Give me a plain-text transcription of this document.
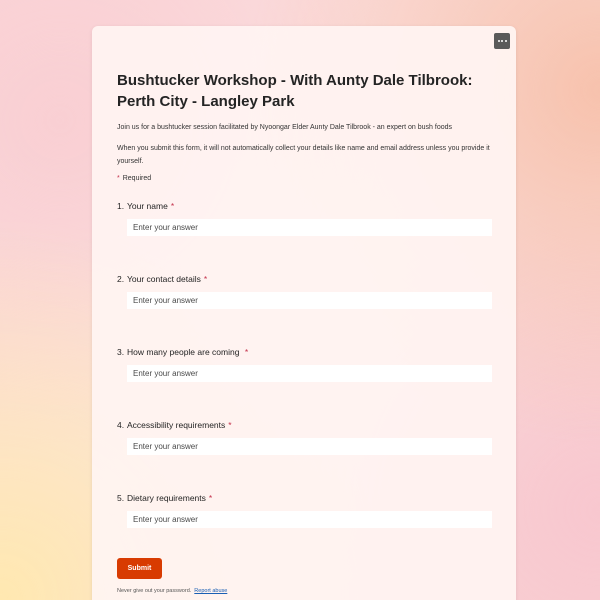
Bushtucker Workshop - With Aunty Dale Tilbrook: Perth City - Langley Park
Join us for a bushtucker session facilitated by Nyoongar Elder Aunty Dale Tilbrook - an expert on bush foods
When you submit this form, it will not automatically collect your details like name and email address unless you provide it yourself.
* Required
1. Your name *
Enter your answer
2. Your contact details *
Enter your answer
3. How many people are coming *
Enter your answer
4. Accessibility requirements *
Enter your answer
5. Dietary requirements *
Enter your answer
Submit
Never give out your password. Report abuse
